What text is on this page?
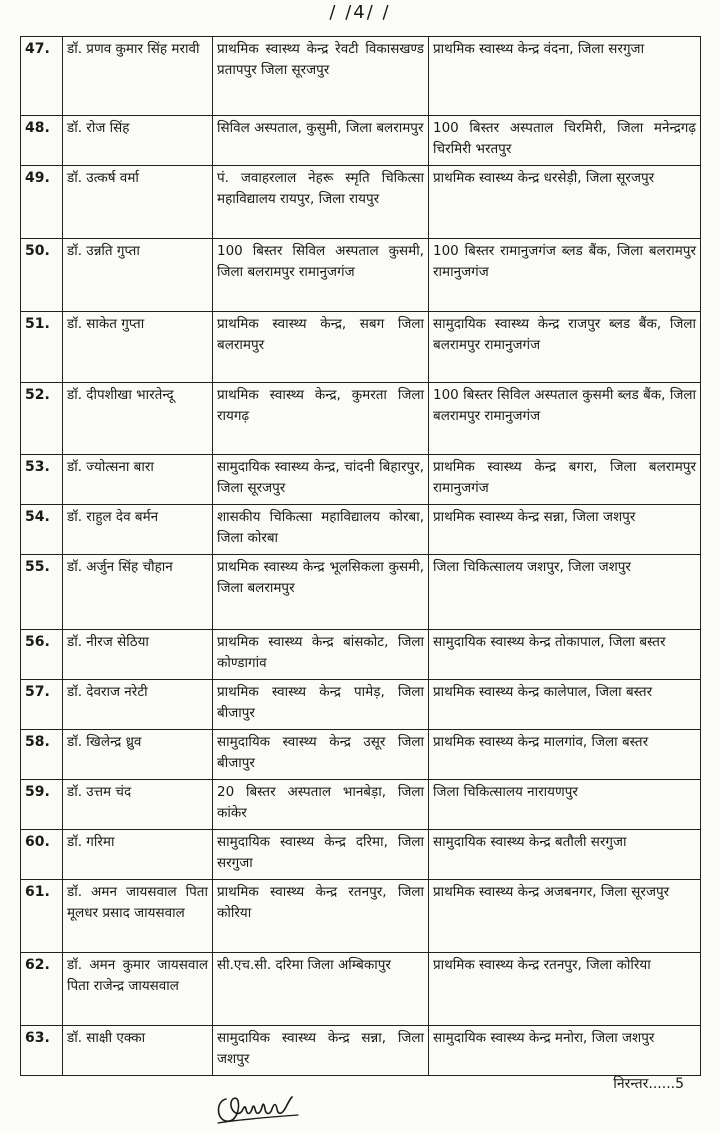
/ /4/ /
47.	डॉ. प्रणव कुमार सिंह मरावी	प्राथमिक स्वास्थ्य केन्द्र रेवटी विकासखण्ड प्रतापपुर जिला सूरजपुर	प्राथमिक स्वास्थ्य केन्द्र वंदना, जिला सरगुजा
48.	डॉ. रोज सिंह	सिविल अस्पताल, कुसुमी, जिला बलरामपुर	100 बिस्तर अस्पताल चिरमिरी, जिला मनेन्द्रगढ़ चिरमिरी भरतपुर
49.	डॉ. उत्कर्ष वर्मा	पं. जवाहरलाल नेहरू स्मृति चिकित्सा महाविद्यालय रायपुर, जिला रायपुर	प्राथमिक स्वास्थ्य केन्द्र धरसेड़ी, जिला सूरजपुर
50.	डॉ. उन्नति गुप्ता	100 बिस्तर सिविल अस्पताल कुसमी, जिला बलरामपुर रामानुजगंज	100 बिस्तर रामानुजगंज ब्लड बैंक, जिला बलरामपुर रामानुजगंज
51.	डॉ. साकेत गुप्ता	प्राथमिक स्वास्थ्य केन्द्र, सबग जिला बलरामपुर	सामुदायिक स्वास्थ्य केन्द्र राजपुर ब्लड बैंक, जिला बलरामपुर रामानुजगंज
52.	डॉ. दीपशीखा भारतेन्दू	प्राथमिक स्वास्थ्य केन्द्र, कुमरता जिला रायगढ़	100 बिस्तर सिविल अस्पताल कुसमी ब्लड बैंक, जिला बलरामपुर रामानुजगंज
53.	डॉ. ज्योत्सना बारा	सामुदायिक स्वास्थ्य केन्द्र, चांदनी बिहारपुर, जिला सूरजपुर	प्राथमिक स्वास्थ्य केन्द्र बगरा, जिला बलरामपुर रामानुजगंज
54.	डॉ. राहुल देव बर्मन	शासकीय चिकित्सा महाविद्यालय कोरबा, जिला कोरबा	प्राथमिक स्वास्थ्य केन्द्र सन्ना, जिला जशपुर
55.	डॉ. अर्जुन सिंह चौहान	प्राथमिक स्वास्थ्य केन्द्र भूलसिकला कुसमी, जिला बलरामपुर	जिला चिकित्सालय जशपुर, जिला जशपुर
56.	डॉ. नीरज सेठिया	प्राथमिक स्वास्थ्य केन्द्र बांसकोट, जिला कोण्डागांव	सामुदायिक स्वास्थ्य केन्द्र तोकापाल, जिला बस्तर
57.	डॉ. देवराज नरेटी	प्राथमिक स्वास्थ्य केन्द्र पामेड़, जिला बीजापुर	प्राथमिक स्वास्थ्य केन्द्र कालेपाल, जिला बस्तर
58.	डॉ. खिलेन्द्र ध्रुव	सामुदायिक स्वास्थ्य केन्द्र उसूर जिला बीजापुर	प्राथमिक स्वास्थ्य केन्द्र मालगांव, जिला बस्तर
59.	डॉ. उत्तम चंद	20 बिस्तर अस्पताल भानबेड़ा, जिला कांकेर	जिला चिकित्सालय नारायणपुर
60.	डॉ. गरिमा	सामुदायिक स्वास्थ्य केन्द्र दरिमा, जिला सरगुजा	सामुदायिक स्वास्थ्य केन्द्र बतौली सरगुजा
61.	डॉ. अमन जायसवाल पिता मूलधर प्रसाद जायसवाल	प्राथमिक स्वास्थ्य केन्द्र रतनपुर, जिला कोरिया	प्राथमिक स्वास्थ्य केन्द्र अजबनगर, जिला सूरजपुर
62.	डॉ. अमन कुमार जायसवाल पिता राजेन्द्र जायसवाल	सी.एच.सी. दरिमा जिला अम्बिकापुर	प्राथमिक स्वास्थ्य केन्द्र रतनपुर, जिला कोरिया
63.	डॉ. साक्षी एक्का	सामुदायिक स्वास्थ्य केन्द्र सन्ना, जिला जशपुर	सामुदायिक स्वास्थ्य केन्द्र मनोरा, जिला जशपुर
निरन्तर......5
